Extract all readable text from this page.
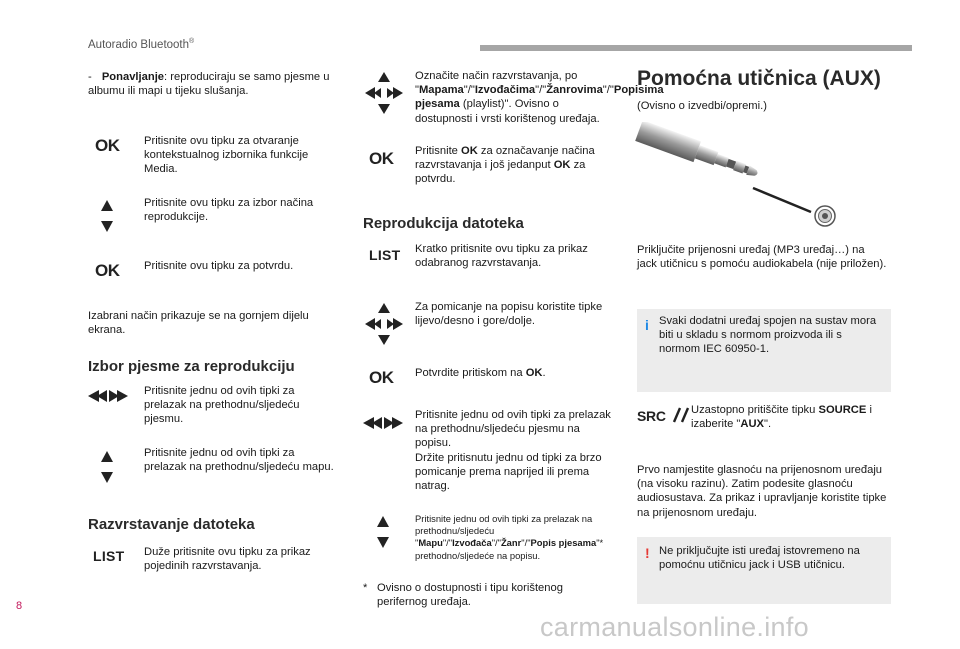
Autoradio Bluetooth®
8
carmanualsonline.info
- Ponavljanje: reproduciraju se samo pjesme u albumu ili mapi u tijeku slušanja.
OK Pritisnite ovu tipku za otvaranje kontekstualnog izbornika funkcije Media.
Pritisnite ovu tipku za izbor načina reprodukcije.
OK Pritisnite ovu tipku za potvrdu.
Izabrani način prikazuje se na gornjem dijelu ekrana.
Izbor pjesme za reprodukciju
Pritisnite jednu od ovih tipki za prelazak na prethodnu/sljedeću pjesmu.
Pritisnite jednu od ovih tipki za prelazak na prethodnu/sljedeću mapu.
Razvrstavanje datoteka
LIST Duže pritisnite ovu tipku za prikaz pojedinih razvrstavanja.
Označite način razvrstavanja, po "Mapama"/"Izvođačima"/"Žanrovima"/"Popisima pjesama (playlist)". Ovisno o dostupnosti i vrsti korištenog uređaja.
OK Pritisnite OK za označavanje načina razvrstavanja i još jedanput OK za potvrdu.
Reprodukcija datoteka
LIST Kratko pritisnite ovu tipku za prikaz odabranog razvrstavanja.
Za pomicanje na popisu koristite tipke lijevo/desno i gore/dolje.
OK Potvrdite pritiskom na OK.
Pritisnite jednu od ovih tipki za prelazak na prethodnu/sljedeću pjesmu na popisu.
Držite pritisnutu jednu od tipki za brzo pomicanje prema naprijed ili prema natrag.
Pritisnite jednu od ovih tipki za prelazak na prethodnu/sljedeću "Mapu"/"Izvođača"/"Žanr"/"Popis pjesama"* prethodno/sljedeće na popisu.
* Ovisno o dostupnosti i tipu korištenog perifernog uređaja.
Pomoćna utičnica (AUX)
(Ovisno o izvedbi/opremi.)
Priključite prijenosni uređaj (MP3 uređaj…) na jack utičnicu s pomoću audiokabela (nije priložen).
i Svaki dodatni uređaj spojen na sustav mora biti u skladu s normom proizvoda ili s normom IEC 60950-1.
SRC	Uzastopno pritiščite tipku SOURCE i izaberite "AUX".
Prvo namjestite glasnoću na prijenosnom uređaju (na visoku razinu). Zatim podesite glasnoću audiosustava. Za prikaz i upravljanje koristite tipke na prijenosnom uređaju.
! Ne priključujte isti uređaj istovremeno na pomoćnu utičnicu jack i USB utičnicu.
